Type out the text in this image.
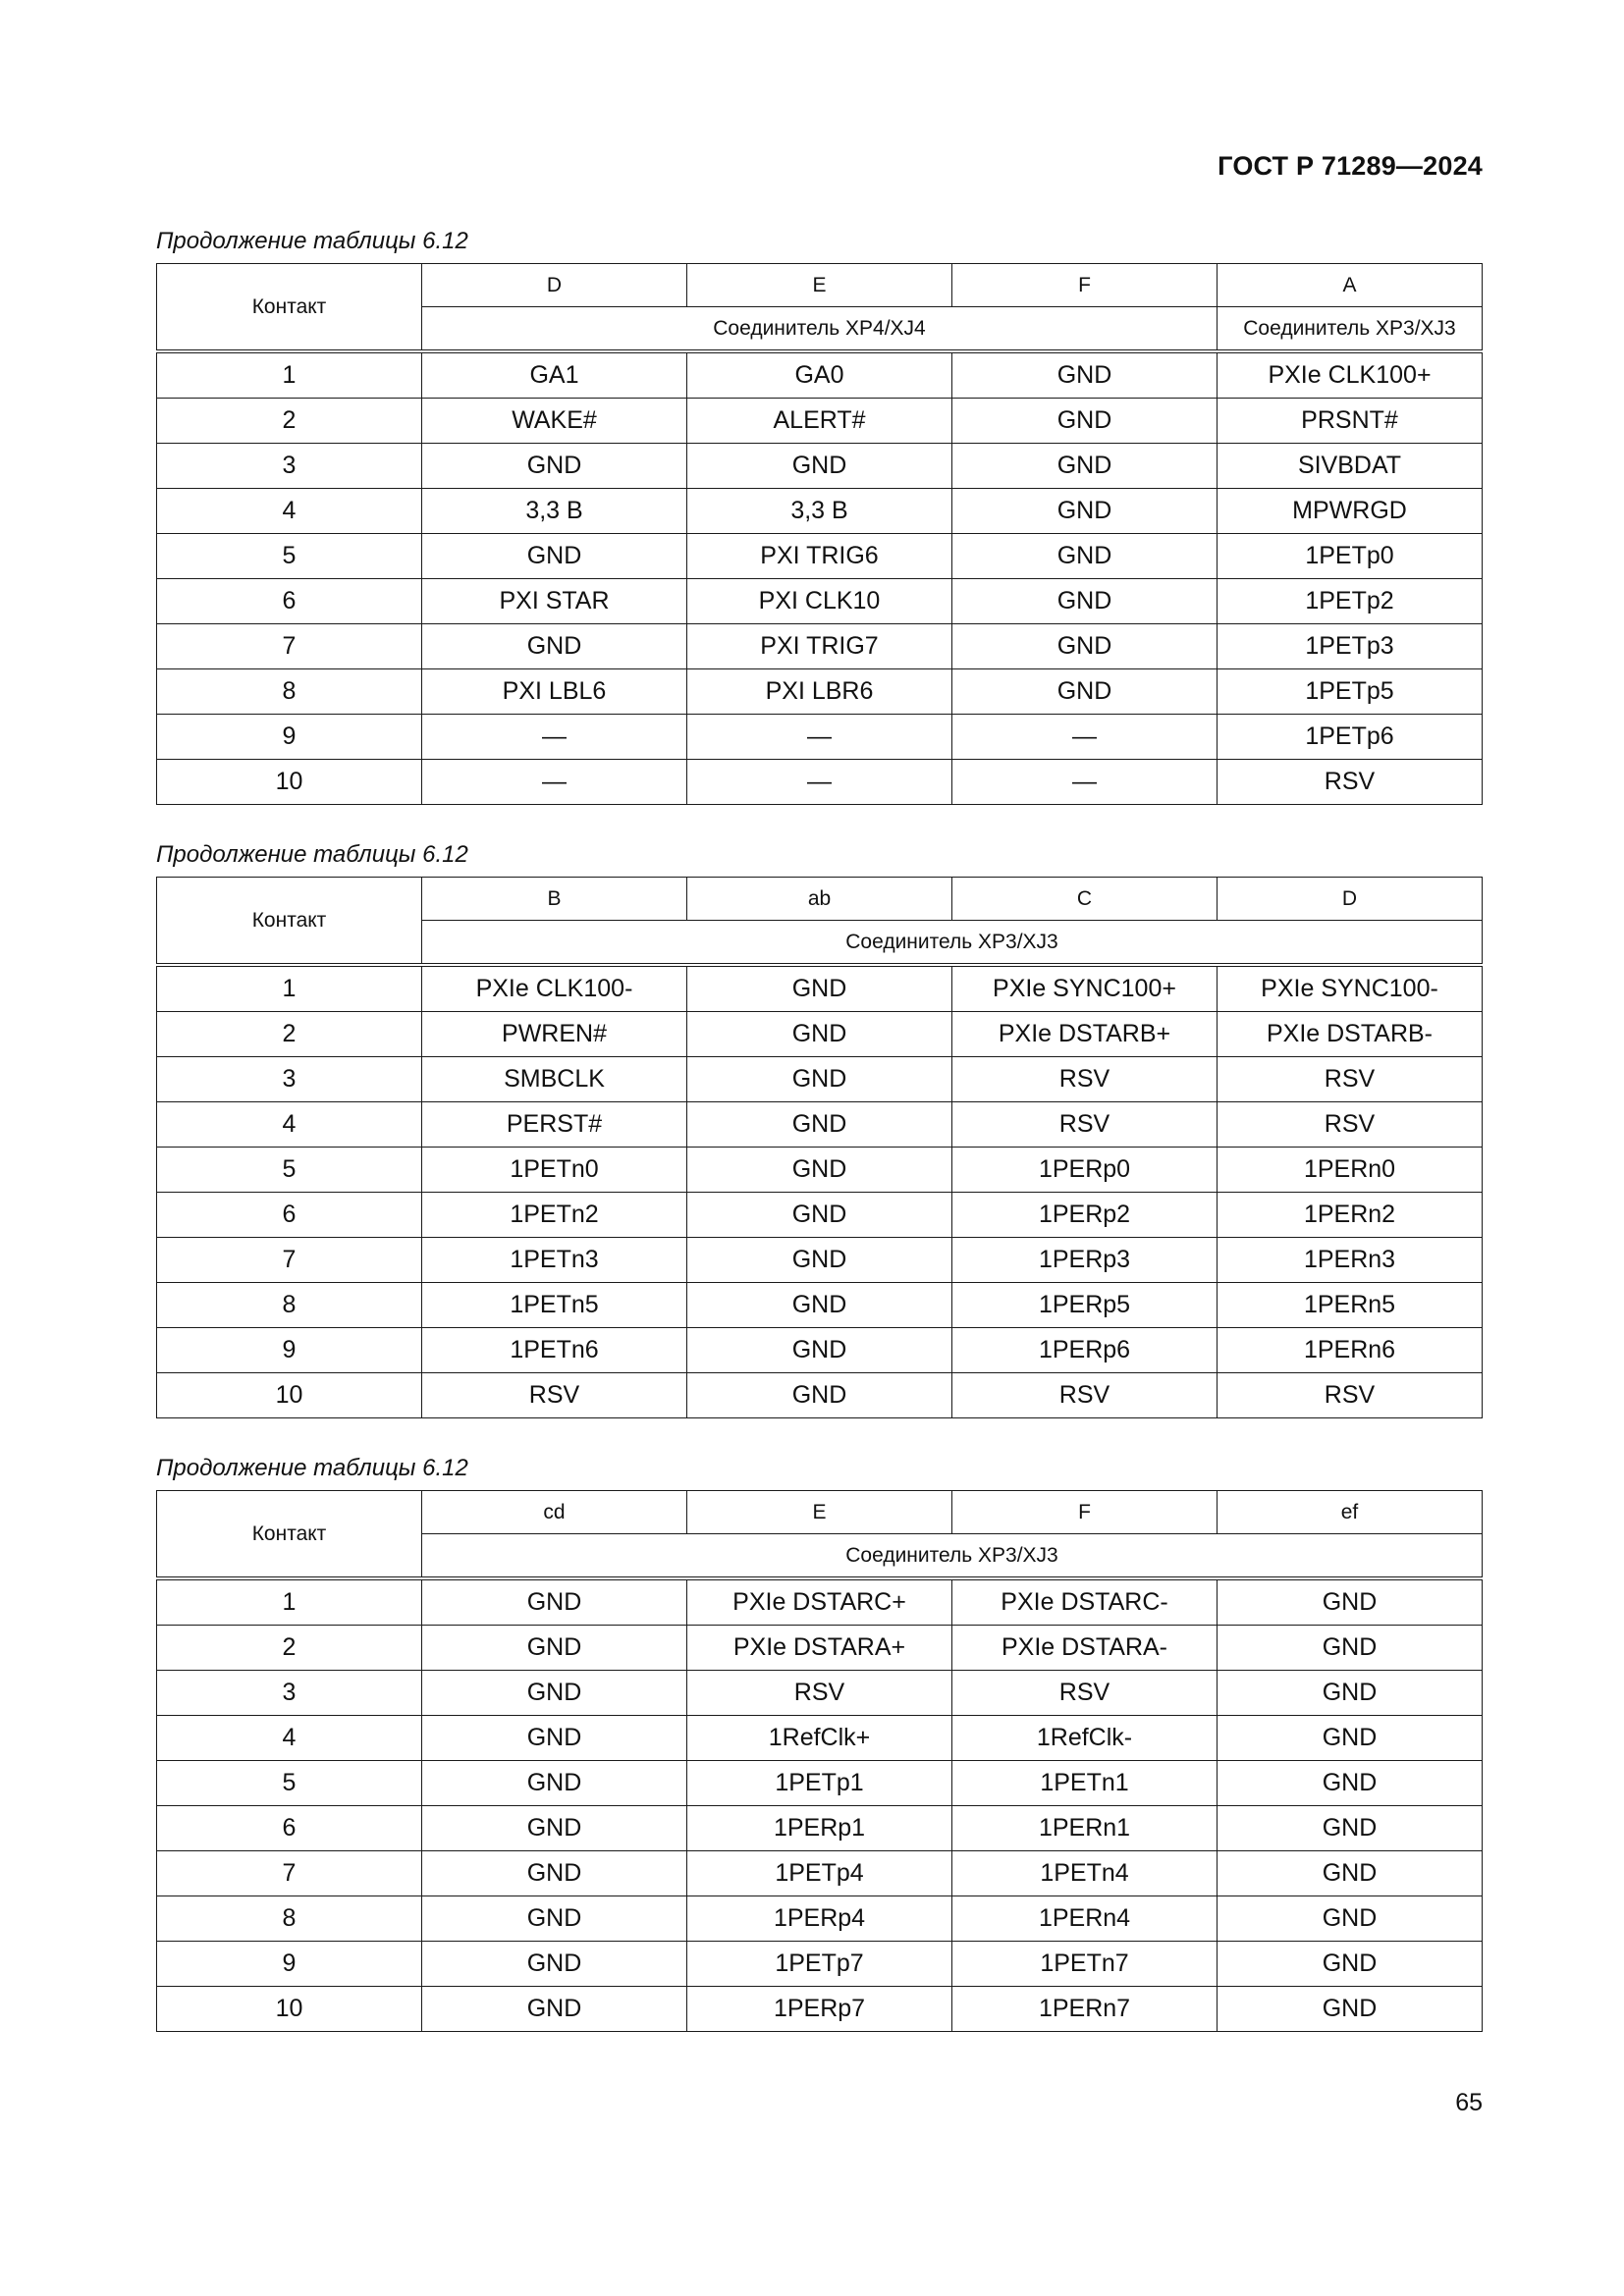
ГОСТ Р 71289—2024
Продолжение таблицы 6.12
Контакт	D	E	F	A
	Соединитель ХР4/XJ4			Соединитель ХР3/XJ3
1	GA1	GA0	GND	PXIe CLK100+
2	WAKE#	ALERT#	GND	PRSNT#
3	GND	GND	GND	SIVBDAT
4	3,3 В	3,3 В	GND	MPWRGD
5	GND	PXI TRIG6	GND	1PETp0
6	PXI STAR	PXI CLK10	GND	1PETp2
7	GND	PXI TRIG7	GND	1PETp3
8	PXI LBL6	PXI LBR6	GND	1PETp5
9	—	—	—	1PETp6
10	—	—	—	RSV
Продолжение таблицы 6.12
Контакт	B	ab	C	D
	Соединитель ХР3/XJ3			
1	PXIe CLK100-	GND	PXIe SYNC100+	PXIe SYNC100-
2	PWREN#	GND	PXIe DSTARB+	PXIe DSTARB-
3	SMBCLK	GND	RSV	RSV
4	PERST#	GND	RSV	RSV
5	1PETn0	GND	1PERp0	1PERn0
6	1PETn2	GND	1PERp2	1PERn2
7	1PETn3	GND	1PERp3	1PERn3
8	1PETn5	GND	1PERp5	1PERn5
9	1PETn6	GND	1PERp6	1PERn6
10	RSV	GND	RSV	RSV
Продолжение таблицы 6.12
Контакт	cd	E	F	ef
	Соединитель ХР3/XJ3			
1	GND	PXIe DSTARC+	PXIe DSTARC-	GND
2	GND	PXIe DSTARA+	PXIe DSTARA-	GND
3	GND	RSV	RSV	GND
4	GND	1RefClk+	1RefClk-	GND
5	GND	1PETp1	1PETn1	GND
6	GND	1PERp1	1PERn1	GND
7	GND	1PETp4	1PETn4	GND
8	GND	1PERp4	1PERn4	GND
9	GND	1PETp7	1PETn7	GND
10	GND	1PERp7	1PERn7	GND
65
